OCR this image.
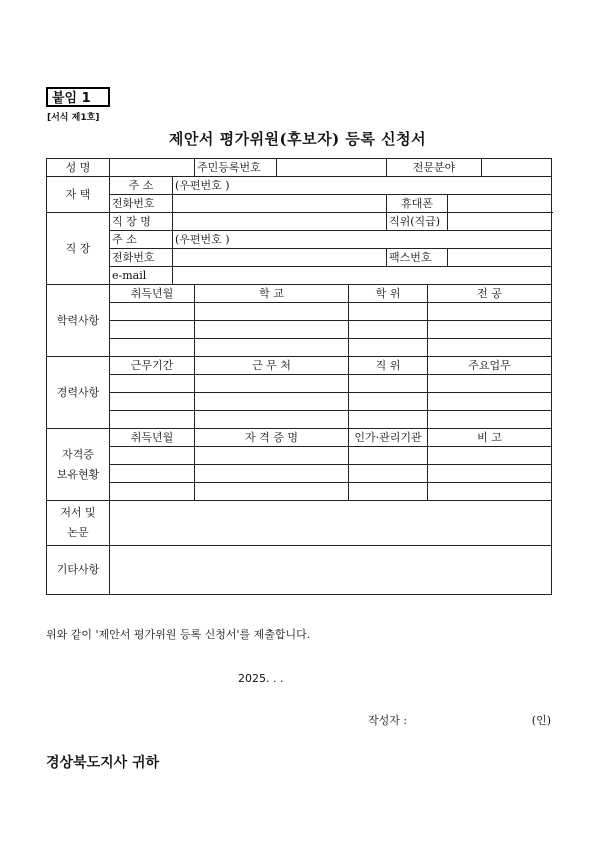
붙임 1
[서식 제1호]
제안서 평가위원(후보자) 등록 신청서
성 명			주민등록번호			전문분야			
자 택	주 소	(우편번호 )							
	전화번호					휴대폰			
직 장	직 장 명					직위(직급)			
	주 소	(우편번호 )							
	전화번호					팩스번호			
	e-mail								
학력사항	취득년월		학 교		학 위		전 공		

경력사항	근무기간		근 무 처		직 위		주요업무		

자격증
보유현황	취득년월		자 격 증 명		인가·관리기관		비 고		

저서 및
논문									
기타사항									
위와 같이 '제안서 평가위원 등록 신청서'를 제출합니다.
2025. . .
작성자 :	(인)
경상북도지사 귀하
